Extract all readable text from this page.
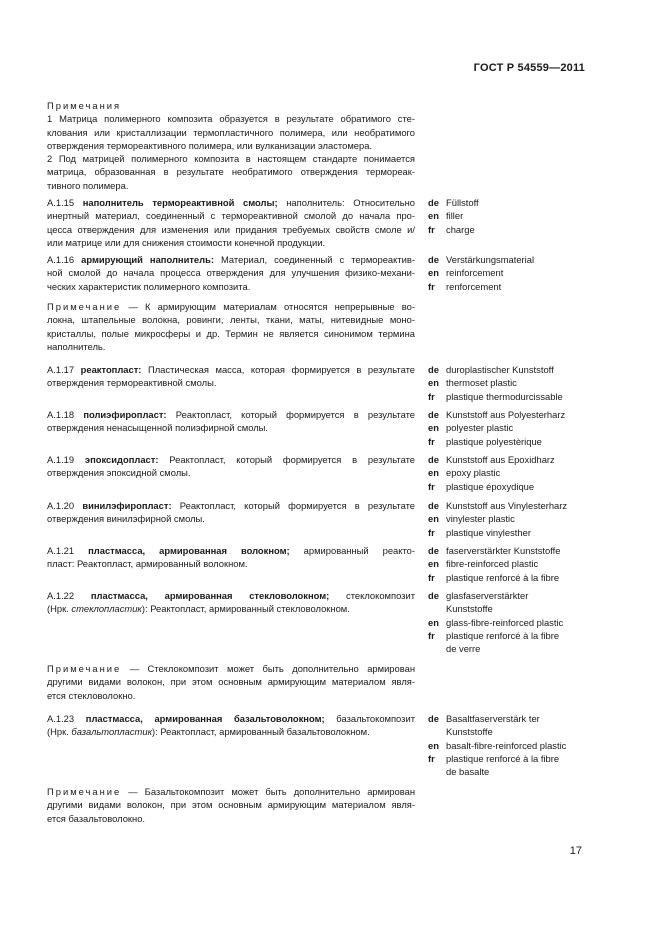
ГОСТ Р 54559—2011
Примечания
1 Матрица полимерного композита образуется в результате обратимого сте-
клования или кристаллизации термопластичного полимера, или необратимого
отверждения термореактивного полимера, или вулканизации эластомера.
2 Под матрицей полимерного композита в настоящем стандарте понимается
матрица, образованная в результате необратимого отверждения термореак-
тивного полимера.
А.1.15 наполнитель термореактивной смолы; наполнитель: Относительно
инертный материал, соединенный с термореактивной смолой до начала про-
цесса отверждения для изменения или придания требуемых свойств смоле и/
или матрице или для снижения стоимости конечной продукции.
de Füllstoff
en filler
fr	charge
А.1.16 армирующий наполнитель: Материал, соединенный с термореактив-
ной смолой до начала процесса отверждения для улучшения физико-механи-
ческих характеристик полимерного композита.
de Verstärkungsmaterial
en reinforcement
fr	renforcement
Примечание — К армирующим материалам относятся непрерывные во-
локна, штапельные волокна, ровинги, ленты, ткани, маты, нитевидные моно-
кристаллы, полые микросферы и др. Термин не является синонимом термина
наполнитель.
А.1.17 реактопласт: Пластическая масса, которая формируется в результате
отверждения термореактивной смолы.
de duroplastischer Kunststoff
en thermoset plastic
fr	plastique thermodurcissable
А.1.18 полиэфиропласт: Реактопласт, который формируется в результате
отверждения ненасыщенной полиэфирной смолы.
de Kunststoff aus Polyesterharz
en polyester plastic
fr	plastique polyestèrique
А.1.19 эпоксидопласт: Реактопласт, который формируется в результате
отверждения эпоксидной смолы.
de Kunststoff aus Epoxidharz
en epoxy plastic
fr	plastique époxydique
А.1.20 винилэфиропласт: Реактопласт, который формируется в результате
отверждения винилэфирной смолы.
de Kunststoff aus Vinylesterharz
en vinylester plastic
fr	plastique vinylesther
А.1.21 пластмасса, армированная волокном; армированный реакто-
пласт: Реактопласт, армированный волокном.
de faserverstärkter Kunststoffe
en fibre-reinforced plastic
fr	plastique renforcé à la fibre
А.1.22 пластмасса, армированная стекловолокном; стеклокомпозит
(Нрк. стеклопластик): Реактопласт, армированный стекловолокном.
de glasfaserverstärkter
Kunststoffe
en glass-fibre-reinforced plastic
fr	plastique renforcé à la fibre
de verre
Примечание — Стеклокомпозит может быть дополнительно армирован
другими видами волокон, при этом основным армирующим материалом явля-
ется стекловолокно.
А.1.23 пластмасса, армированная базальтоволокном; базальтокомпозит
(Нрк. базальтопластик): Реактопласт, армированный базальтоволокном.
de Basaltfaserverstärk ter
Kunststoffe
en basalt-fibre-reinforced plastic
fr	plastique renforcé à la fibre
de basalte
Примечание — Базальтокомпозит может быть дополнительно армирован
другими видами волокон, при этом основным армирующим материалом явля-
ется базальтоволокно.
17
